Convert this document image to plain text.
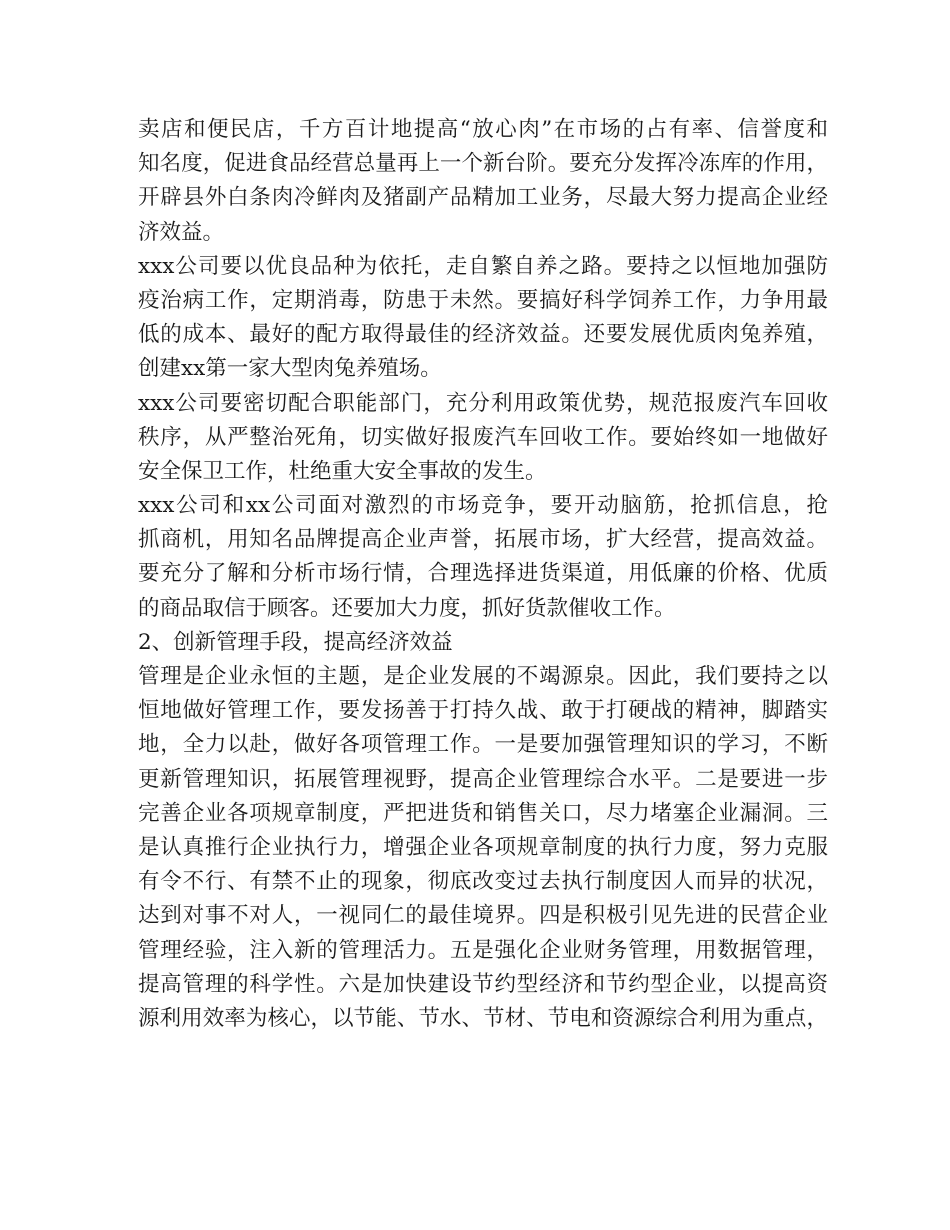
卖店和便民店，千方百计地提高“放心肉”在市场的占有率、信誉度和
知名度，促进食品经营总量再上一个新台阶。要充分发挥冷冻库的作用，
开辟县外白条肉冷鲜肉及猪副产品精加工业务，尽最大努力提高企业经
济效益。
xxx公司要以优良品种为依托，走自繁自养之路。要持之以恒地加强防
疫治病工作，定期消毒，防患于未然。要搞好科学饲养工作，力争用最
低的成本、最好的配方取得最佳的经济效益。还要发展优质肉兔养殖，
创建xx第一家大型肉兔养殖场。
xxx公司要密切配合职能部门，充分利用政策优势，规范报废汽车回收
秩序，从严整治死角，切实做好报废汽车回收工作。要始终如一地做好
安全保卫工作，杜绝重大安全事故的发生。
xxx公司和xx公司面对激烈的市场竞争，要开动脑筋，抢抓信息，抢
抓商机，用知名品牌提高企业声誉，拓展市场，扩大经营，提高效益。
要充分了解和分析市场行情，合理选择进货渠道，用低廉的价格、优质
的商品取信于顾客。还要加大力度，抓好货款催收工作。
2、创新管理手段，提高经济效益
管理是企业永恒的主题，是企业发展的不竭源泉。因此，我们要持之以
恒地做好管理工作，要发扬善于打持久战、敢于打硬战的精神，脚踏实
地，全力以赴，做好各项管理工作。一是要加强管理知识的学习，不断
更新管理知识，拓展管理视野，提高企业管理综合水平。二是要进一步
完善企业各项规章制度，严把进货和销售关口，尽力堵塞企业漏洞。三
是认真推行企业执行力，增强企业各项规章制度的执行力度，努力克服
有令不行、有禁不止的现象，彻底改变过去执行制度因人而异的状况，
达到对事不对人，一视同仁的最佳境界。四是积极引见先进的民营企业
管理经验，注入新的管理活力。五是强化企业财务管理，用数据管理，
提高管理的科学性。六是加快建设节约型经济和节约型企业，以提高资
源利用效率为核心，以节能、节水、节材、节电和资源综合利用为重点，
